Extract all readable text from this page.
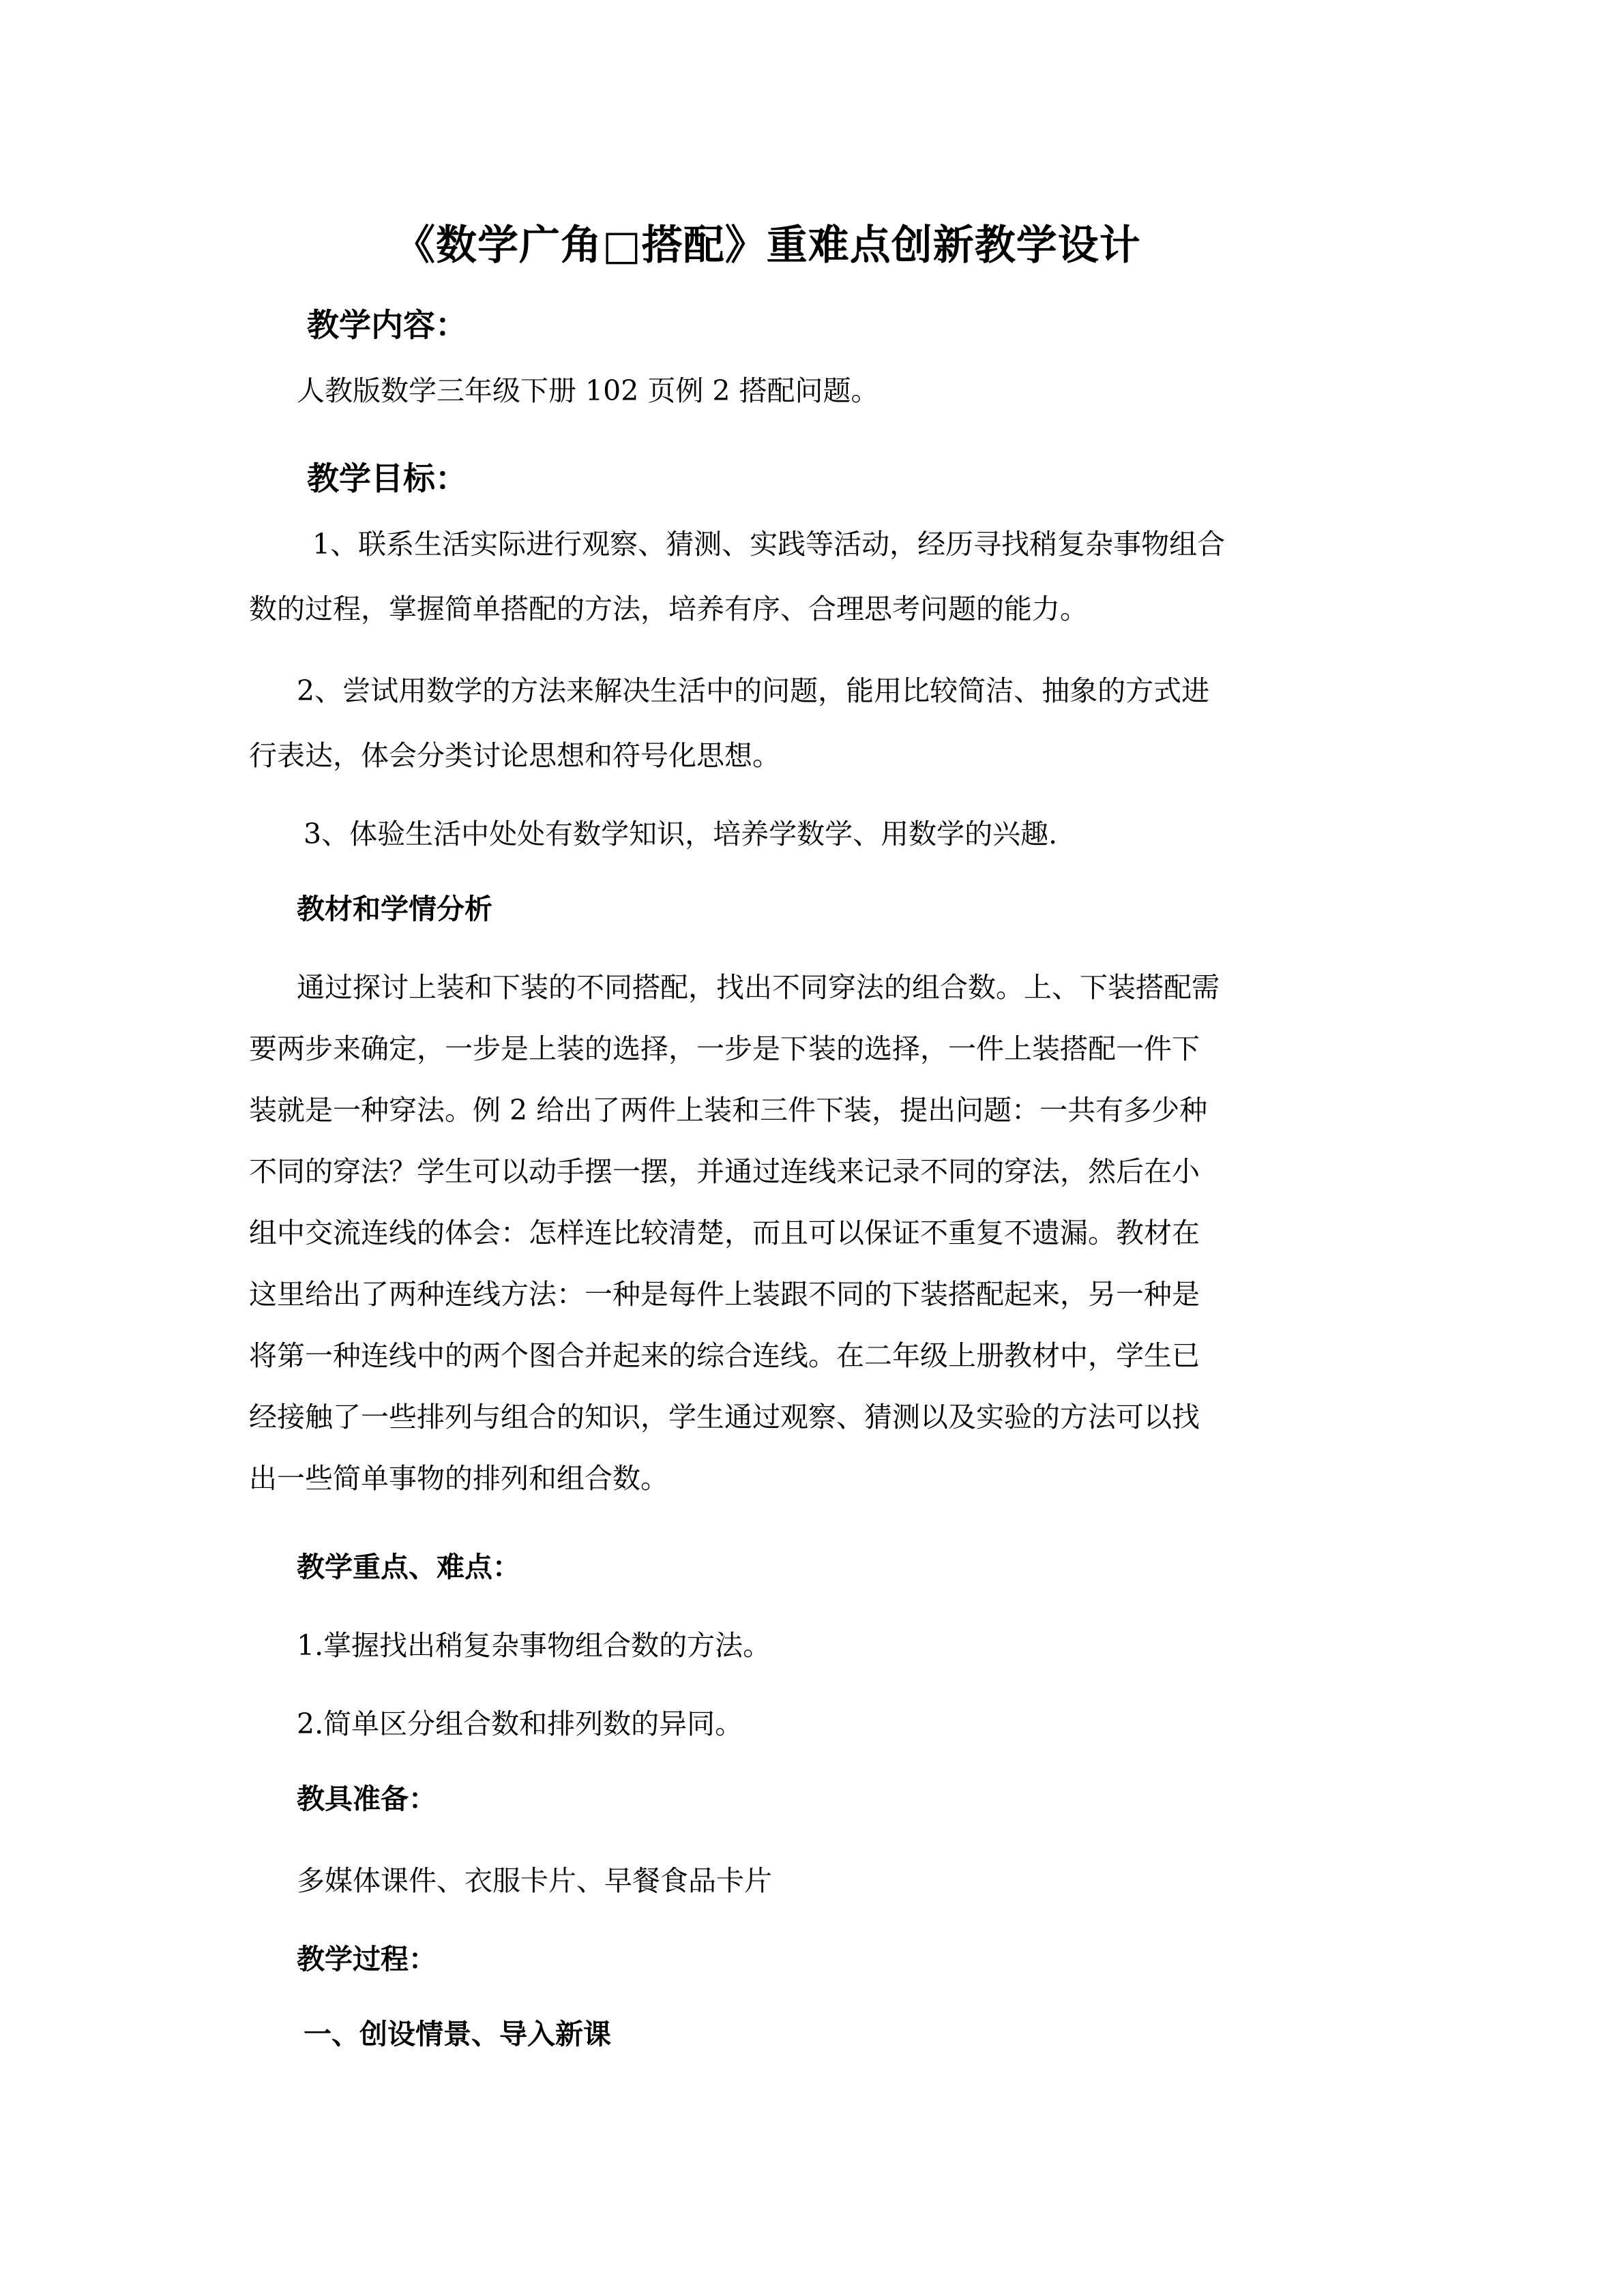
《数学广角□搭配》重难点创新教学设计
教学内容：
人教版数学三年级下册 102 页例 2 搭配问题。
教学目标：
1、联系生活实际进行观察、猜测、实践等活动，经历寻找稍复杂事物组合
数的过程，掌握简单搭配的方法，培养有序、合理思考问题的能力。
2、尝试用数学的方法来解决生活中的问题，能用比较简洁、抽象的方式进
行表达，体会分类讨论思想和符号化思想。
3、体验生活中处处有数学知识，培养学数学、用数学的兴趣.
教材和学情分析
通过探讨上装和下装的不同搭配，找出不同穿法的组合数。上、下装搭配需
要两步来确定，一步是上装的选择，一步是下装的选择，一件上装搭配一件下
装就是一种穿法。例 2 给出了两件上装和三件下装，提出问题：一共有多少种
不同的穿法？学生可以动手摆一摆，并通过连线来记录不同的穿法，然后在小
组中交流连线的体会：怎样连比较清楚，而且可以保证不重复不遗漏。教材在
这里给出了两种连线方法：一种是每件上装跟不同的下装搭配起来，另一种是
将第一种连线中的两个图合并起来的综合连线。在二年级上册教材中，学生已
经接触了一些排列与组合的知识，学生通过观察、猜测以及实验的方法可以找
出一些简单事物的排列和组合数。
教学重点、难点：
1.掌握找出稍复杂事物组合数的方法。
2.简单区分组合数和排列数的异同。
教具准备：
多媒体课件、衣服卡片、早餐食品卡片
教学过程：
一、创设情景、导入新课
